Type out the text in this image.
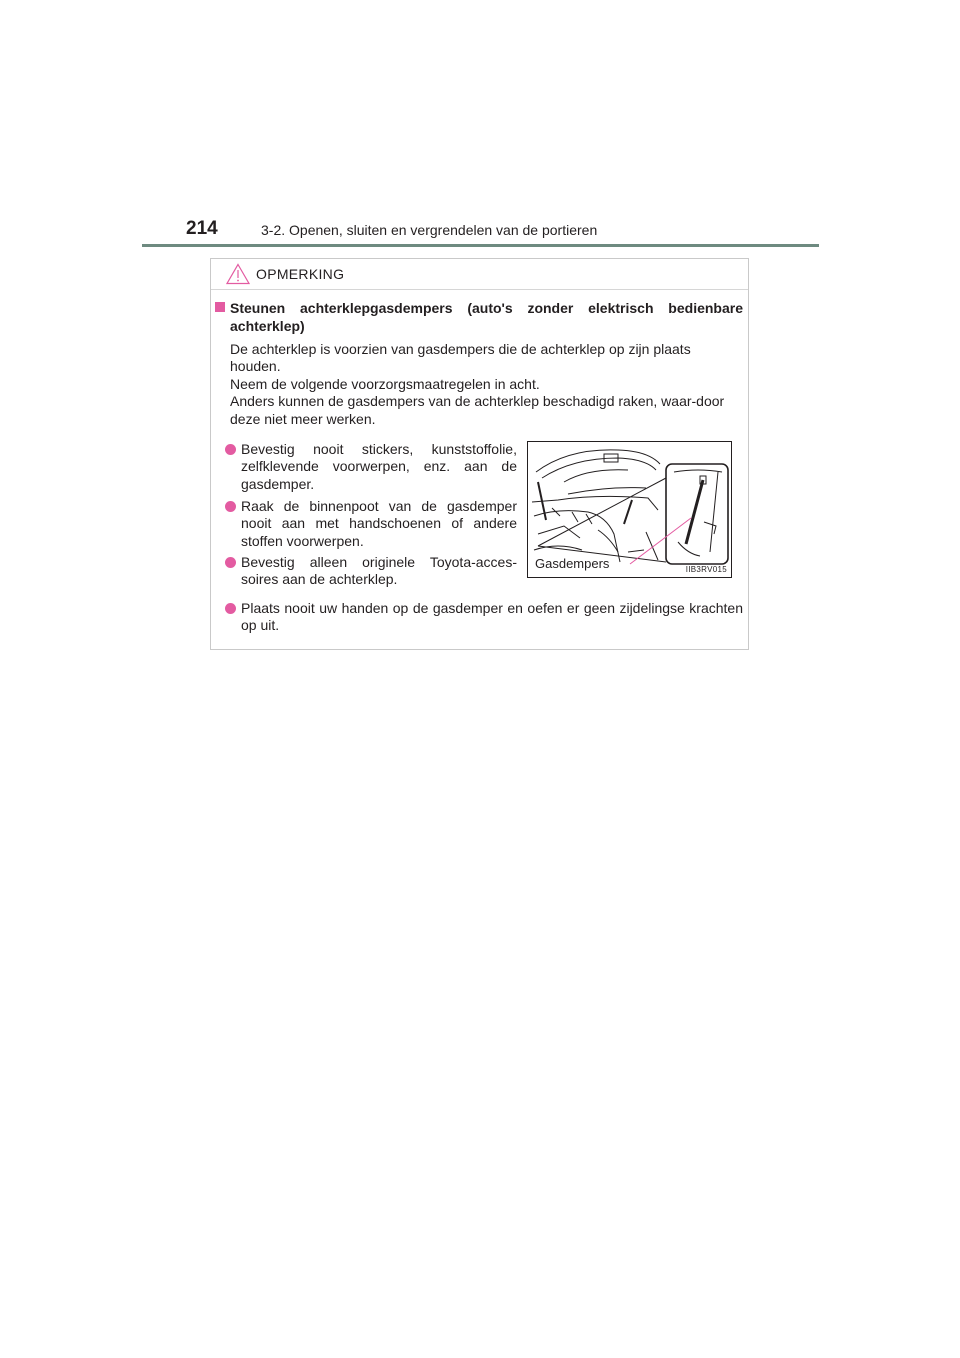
214	3-2. Openen, sluiten en vergrendelen van de portieren
OPMERKING
Steunen achterklepgasdempers (auto's zonder elektrisch bedienbare achterklep)

De achterklep is voorzien van gasdempers die de achterklep op zijn plaats houden.

Neem de volgende voorzorgsmaatregelen in acht.

Anders kunnen de gasdempers van de achterklep beschadigd raken, waar-door deze niet meer werken.

Bevestig nooit stickers, kunststoffolie, zelfklevende voorwerpen, enz. aan de gasdemper.
Raak de binnenpoot van de gasdemper nooit aan met handschoenen of andere stoffen voorwerpen.
Bevestig alleen originele Toyota-acces-soires aan de achterklep.
Plaats nooit uw handen op de gasdemper en oefen er geen zijdelingse krachten op uit.
Gasdempers	IIB3RV015
